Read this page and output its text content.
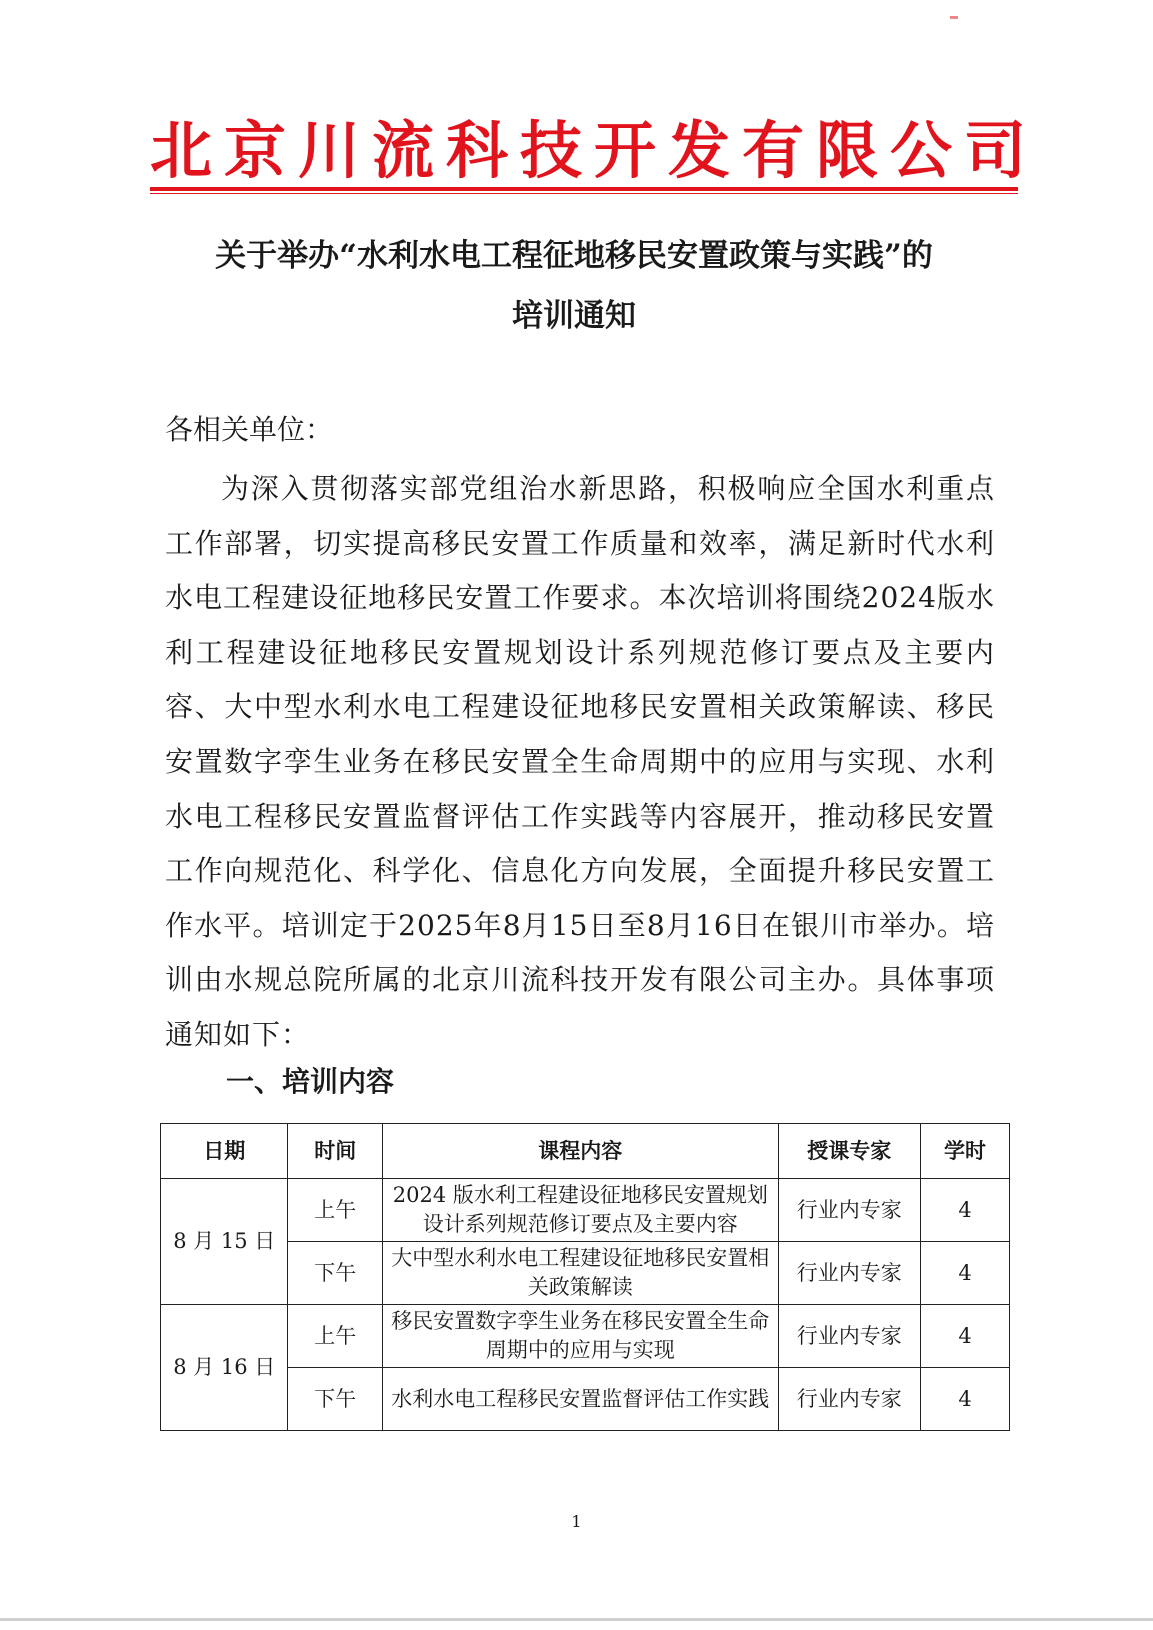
北京川流科技开发有限公司
关于举办“水利水电工程征地移民安置政策与实践”的
培训通知
各相关单位：
为深入贯彻落实部党组治水新思路，积极响应全国水利重点工作部署，切实提高移民安置工作质量和效率，满足新时代水利水电工程建设征地移民安置工作要求。本次培训将围绕2024版水利工程建设征地移民安置规划设计系列规范修订要点及主要内容、大中型水利水电工程建设征地移民安置相关政策解读、移民安置数字孪生业务在移民安置全生命周期中的应用与实现、水利水电工程移民安置监督评估工作实践等内容展开，推动移民安置工作向规范化、科学化、信息化方向发展，全面提升移民安置工作水平。培训定于2025年8月15日至8月16日在银川市举办。培训由水规总院所属的北京川流科技开发有限公司主办。具体事项通知如下：
一、培训内容
日期	时间	课程内容	授课专家	学时
8 月 15 日	上午	2024 版水利工程建设征地移民安置规划设计系列规范修订要点及主要内容	行业内专家	4
	下午	大中型水利水电工程建设征地移民安置相关政策解读	行业内专家	4
8 月 16 日	上午	移民安置数字孪生业务在移民安置全生命周期中的应用与实现	行业内专家	4
	下午	水利水电工程移民安置监督评估工作实践	行业内专家	4
1
